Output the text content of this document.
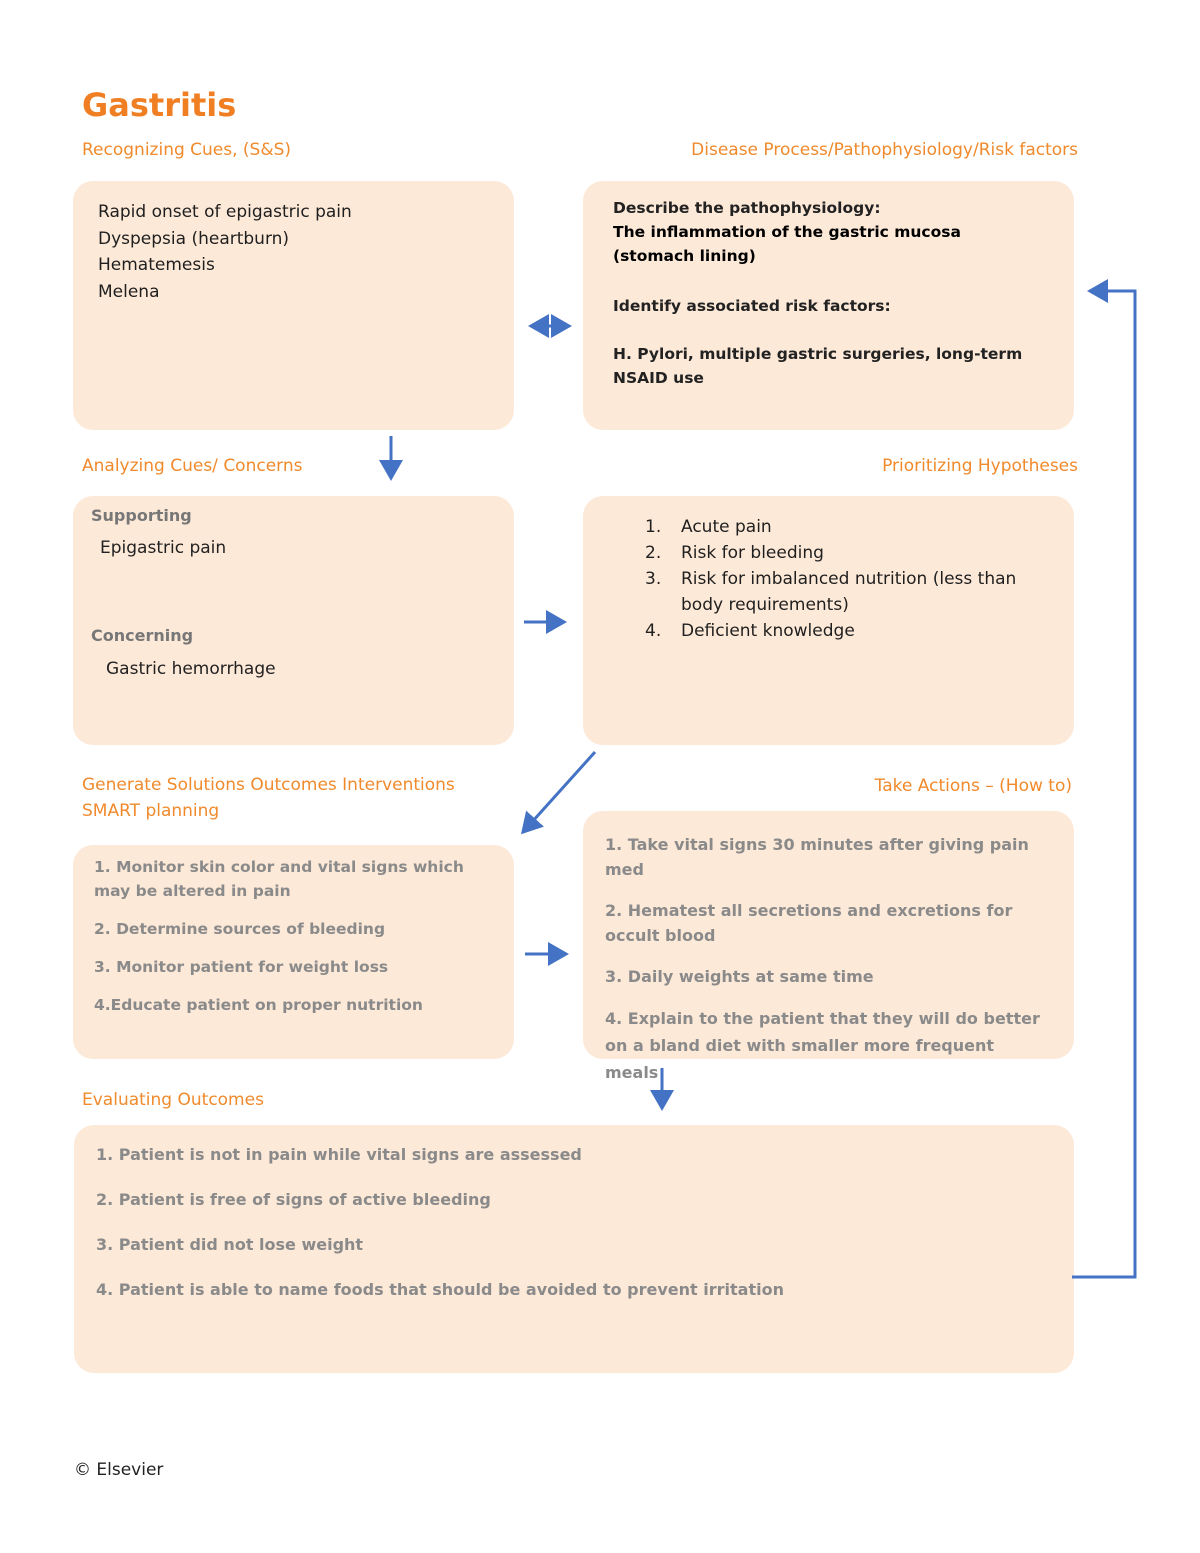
Gastritis
Recognizing Cues, (S&S)	Disease Process/Pathophysiology/Risk factors
Analyzing Cues/ Concerns	Prioritizing Hypotheses
Generate Solutions Outcomes Interventions
SMART planning
Take Actions – (How to)
Evaluating Outcomes
Rapid onset of epigastric pain
Dyspepsia (heartburn)
Hematemesis
Melena
Describe the pathophysiology:
The inflammation of the gastric mucosa (stomach lining)
Identify associated risk factors:
H. Pylori, multiple gastric surgeries, long-term NSAID use
Supporting
Epigastric pain
Concerning
Gastric hemorrhage
1.	Acute pain
2.	Risk for bleeding
3.	Risk for imbalanced nutrition (less than body requirements)
4.	Deficient knowledge
1. Monitor skin color and vital signs which may be altered in pain
2. Determine sources of bleeding
3. Monitor patient for weight loss
4.Educate patient on proper nutrition
1. Take vital signs 30 minutes after giving pain med
2. Hematest all secretions and excretions for occult blood
3. Daily weights at same time
4. Explain to the patient that they will do better on a bland diet with smaller more frequent meals
1. Patient is not in pain while vital signs are assessed
2. Patient is free of signs of active bleeding
3. Patient did not lose weight
4. Patient is able to name foods that should be avoided to prevent irritation
© Elsevier
